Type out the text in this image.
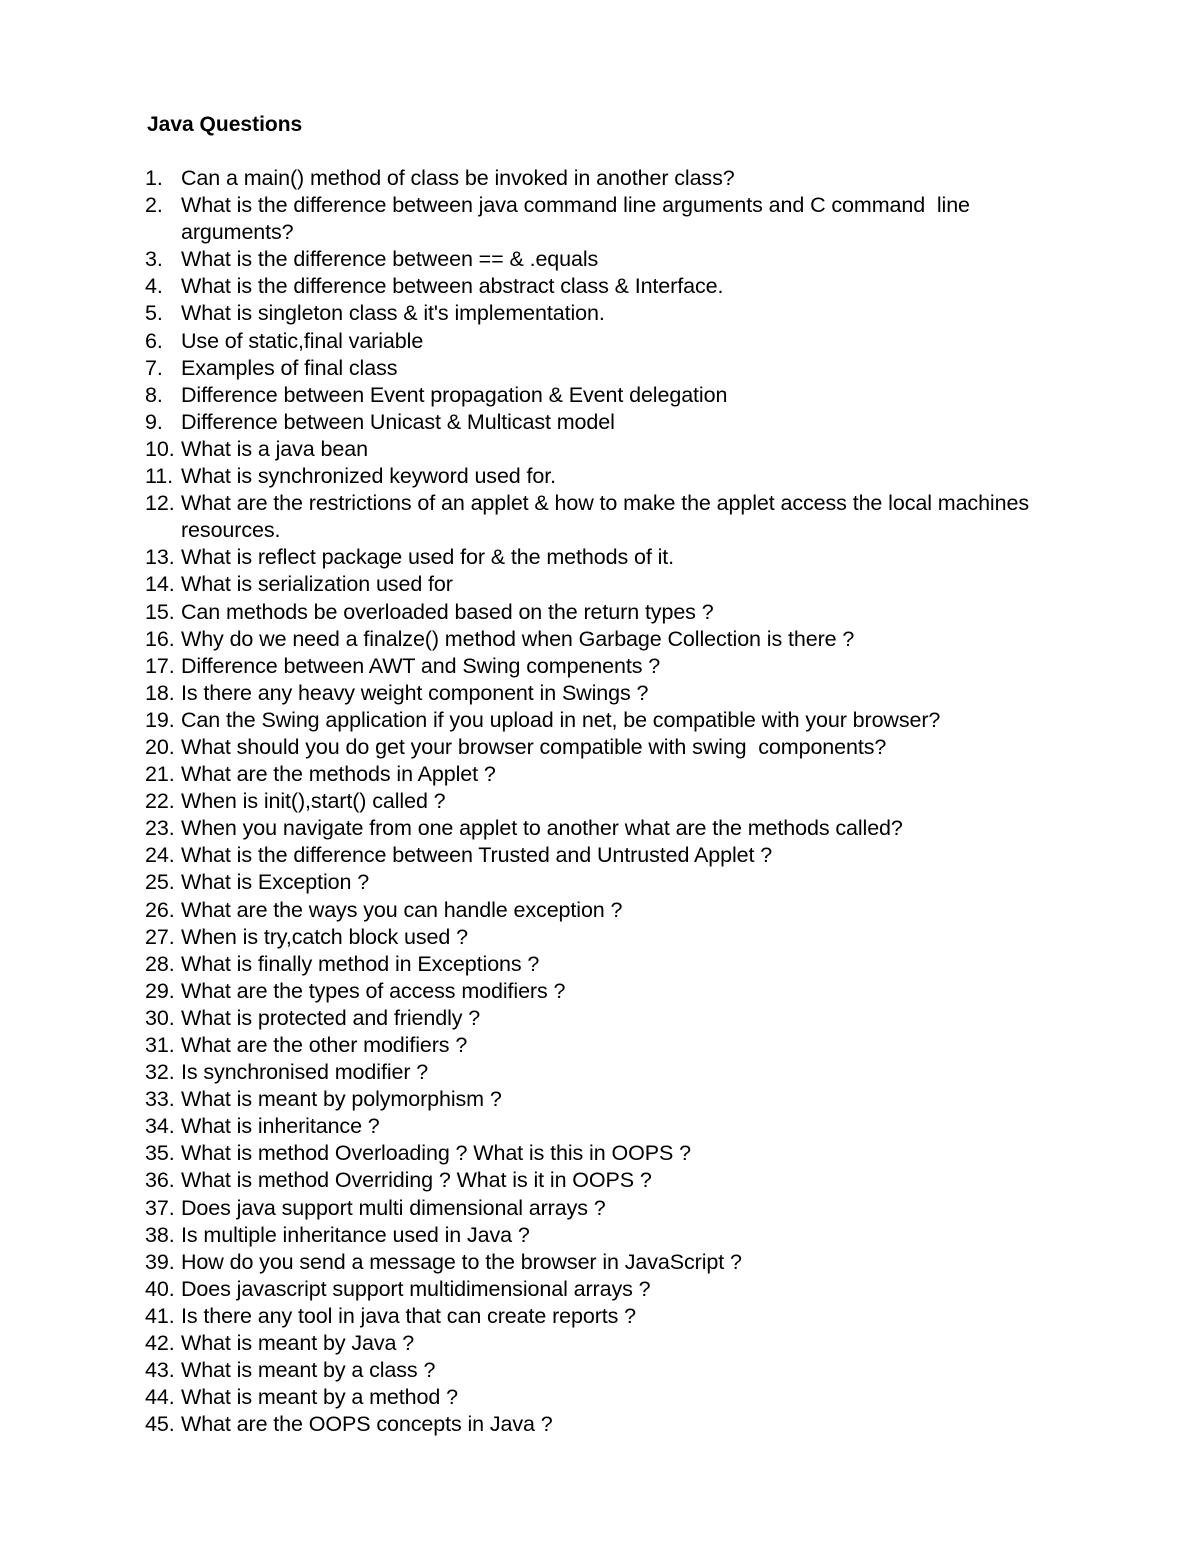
Java Questions
1. Can a main() method of class be invoked in another class?
2. What is the difference between java command line arguments and C command  line arguments?
3. What is the difference between == & .equals
4. What is the difference between abstract class & Interface.
5. What is singleton class & it's implementation.
6. Use of static,final variable
7. Examples of final class
8. Difference between Event propagation & Event delegation
9. Difference between Unicast & Multicast model
10. What is a java bean
11. What is synchronized keyword used for.
12. What are the restrictions of an applet & how to make the applet access the local machines resources.
13. What is reflect package used for & the methods of it.
14. What is serialization used for
15. Can methods be overloaded based on the return types ?
16. Why do we need a finalze() method when Garbage Collection is there ?
17. Difference between AWT and Swing compenents ?
18. Is there any heavy weight component in Swings ?
19. Can the Swing application if you upload in net, be compatible with your browser?
20. What should you do get your browser compatible with swing  components?
21. What are the methods in Applet ?
22. When is init(),start() called ?
23. When you navigate from one applet to another what are the methods called?
24. What is the difference between Trusted and Untrusted Applet ?
25. What is Exception ?
26. What are the ways you can handle exception ?
27. When is try,catch block used ?
28. What is finally method in Exceptions ?
29. What are the types of access modifiers ?
30. What is protected and friendly ?
31. What are the other modifiers ?
32. Is synchronised modifier ?
33. What is meant by polymorphism ?
34. What is inheritance ?
35. What is method Overloading ? What is this in OOPS ?
36. What is method Overriding ? What is it in OOPS ?
37. Does java support multi dimensional arrays ?
38. Is multiple inheritance used in Java ?
39. How do you send a message to the browser in JavaScript ?
40. Does javascript support multidimensional arrays ?
41. Is there any tool in java that can create reports ?
42. What is meant by Java ?
43. What is meant by a class ?
44. What is meant by a method ?
45. What are the OOPS concepts in Java ?
